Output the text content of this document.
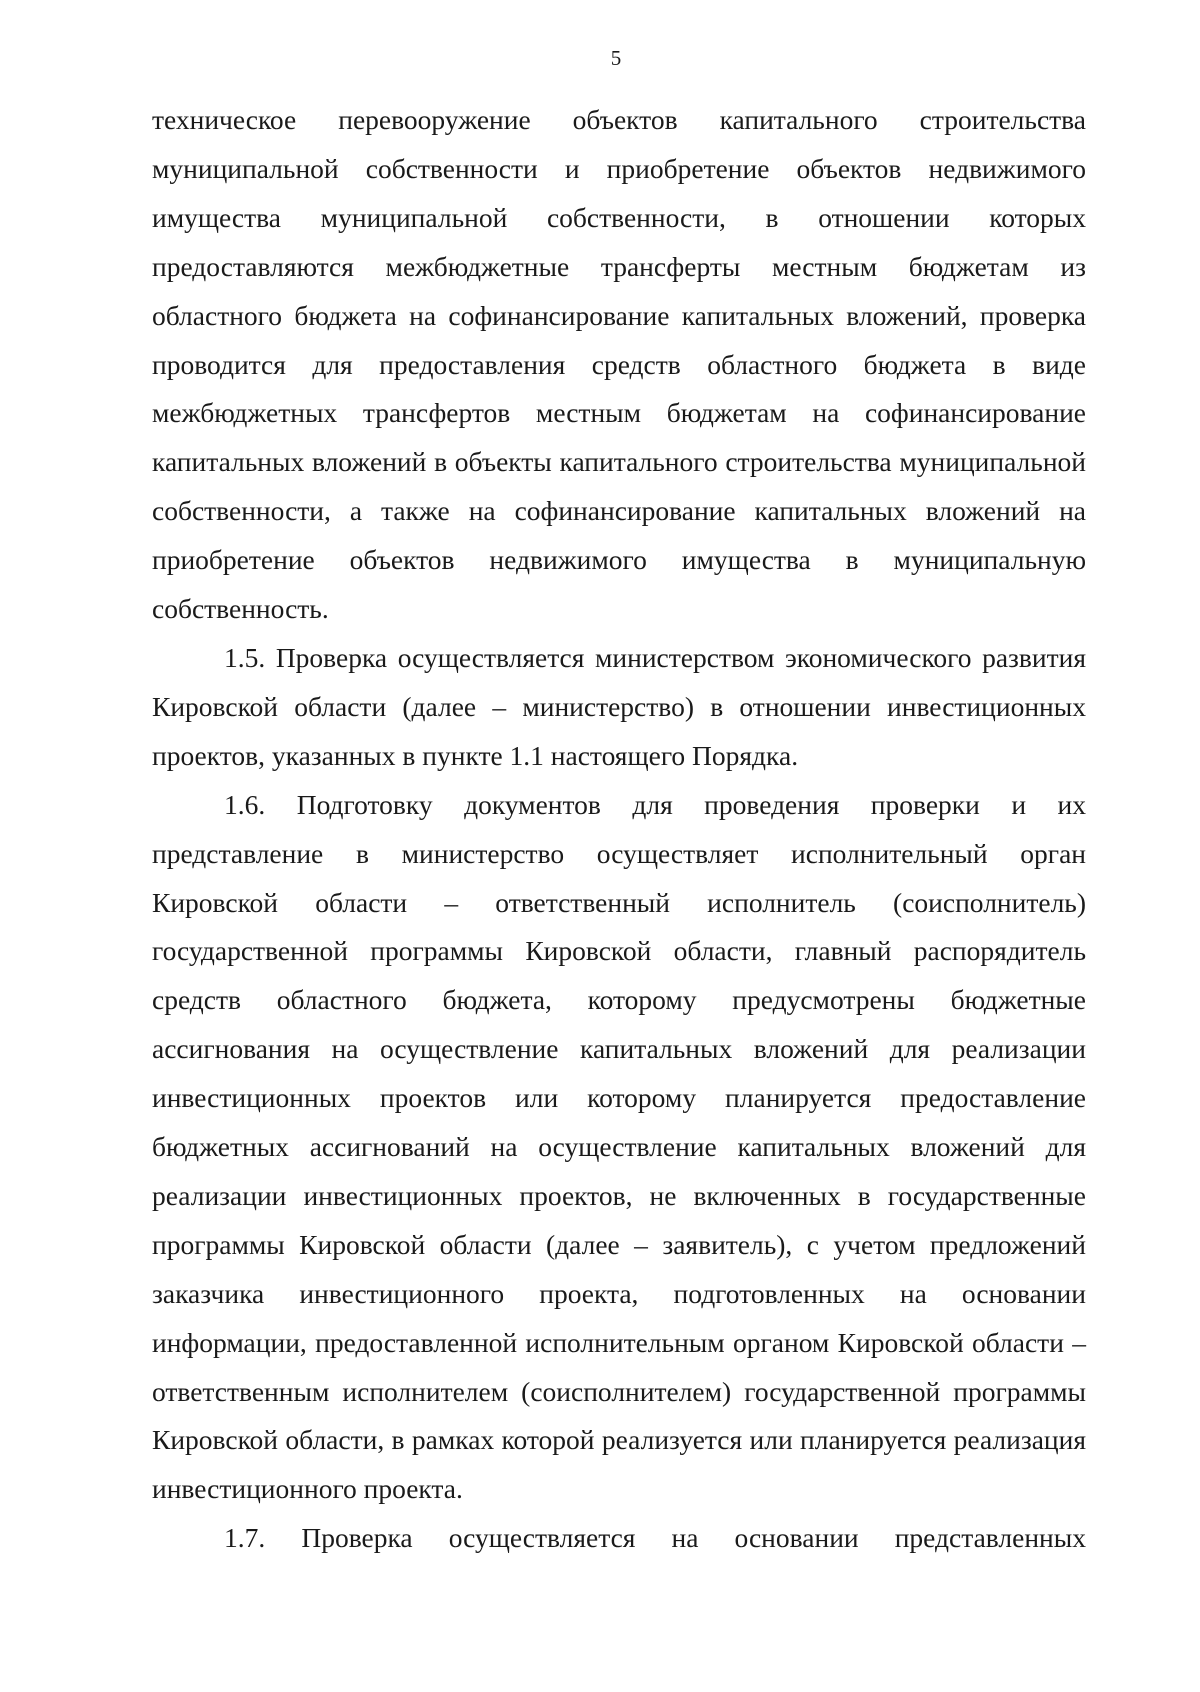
5

техническое перевооружение объектов капитального строительства муниципальной собственности и приобретение объектов недвижимого имущества муниципальной собственности, в отношении которых предоставляются межбюджетные трансферты местным бюджетам из областного бюджета на софинансирование капитальных вложений, проверка проводится для предоставления средств областного бюджета в виде межбюджетных трансфертов местным бюджетам на софинансирование капитальных вложений в объекты капитального строительства муниципальной собственности, а также на софинансирование капитальных вложений на приобретение объектов недвижимого имущества в муниципальную собственность.

1.5. Проверка осуществляется министерством экономического развития Кировской области (далее – министерство) в отношении инвестиционных проектов, указанных в пункте 1.1 настоящего Порядка.

1.6. Подготовку документов для проведения проверки и их представление в министерство осуществляет исполнительный орган Кировской области – ответственный исполнитель (соисполнитель) государственной программы Кировской области, главный распорядитель средств областного бюджета, которому предусмотрены бюджетные ассигнования на осуществление капитальных вложений для реализации инвестиционных проектов или которому планируется предоставление бюджетных ассигнований на осуществление капитальных вложений для реализации инвестиционных проектов, не включенных в государственные программы Кировской области (далее – заявитель), с учетом предложений заказчика инвестиционного проекта, подготовленных на основании информации, предоставленной исполнительным органом Кировской области – ответственным исполнителем (соисполнителем) государственной программы Кировской области, в рамках которой реализуется или планируется реализация инвестиционного проекта.

1.7. Проверка осуществляется на основании представленных
